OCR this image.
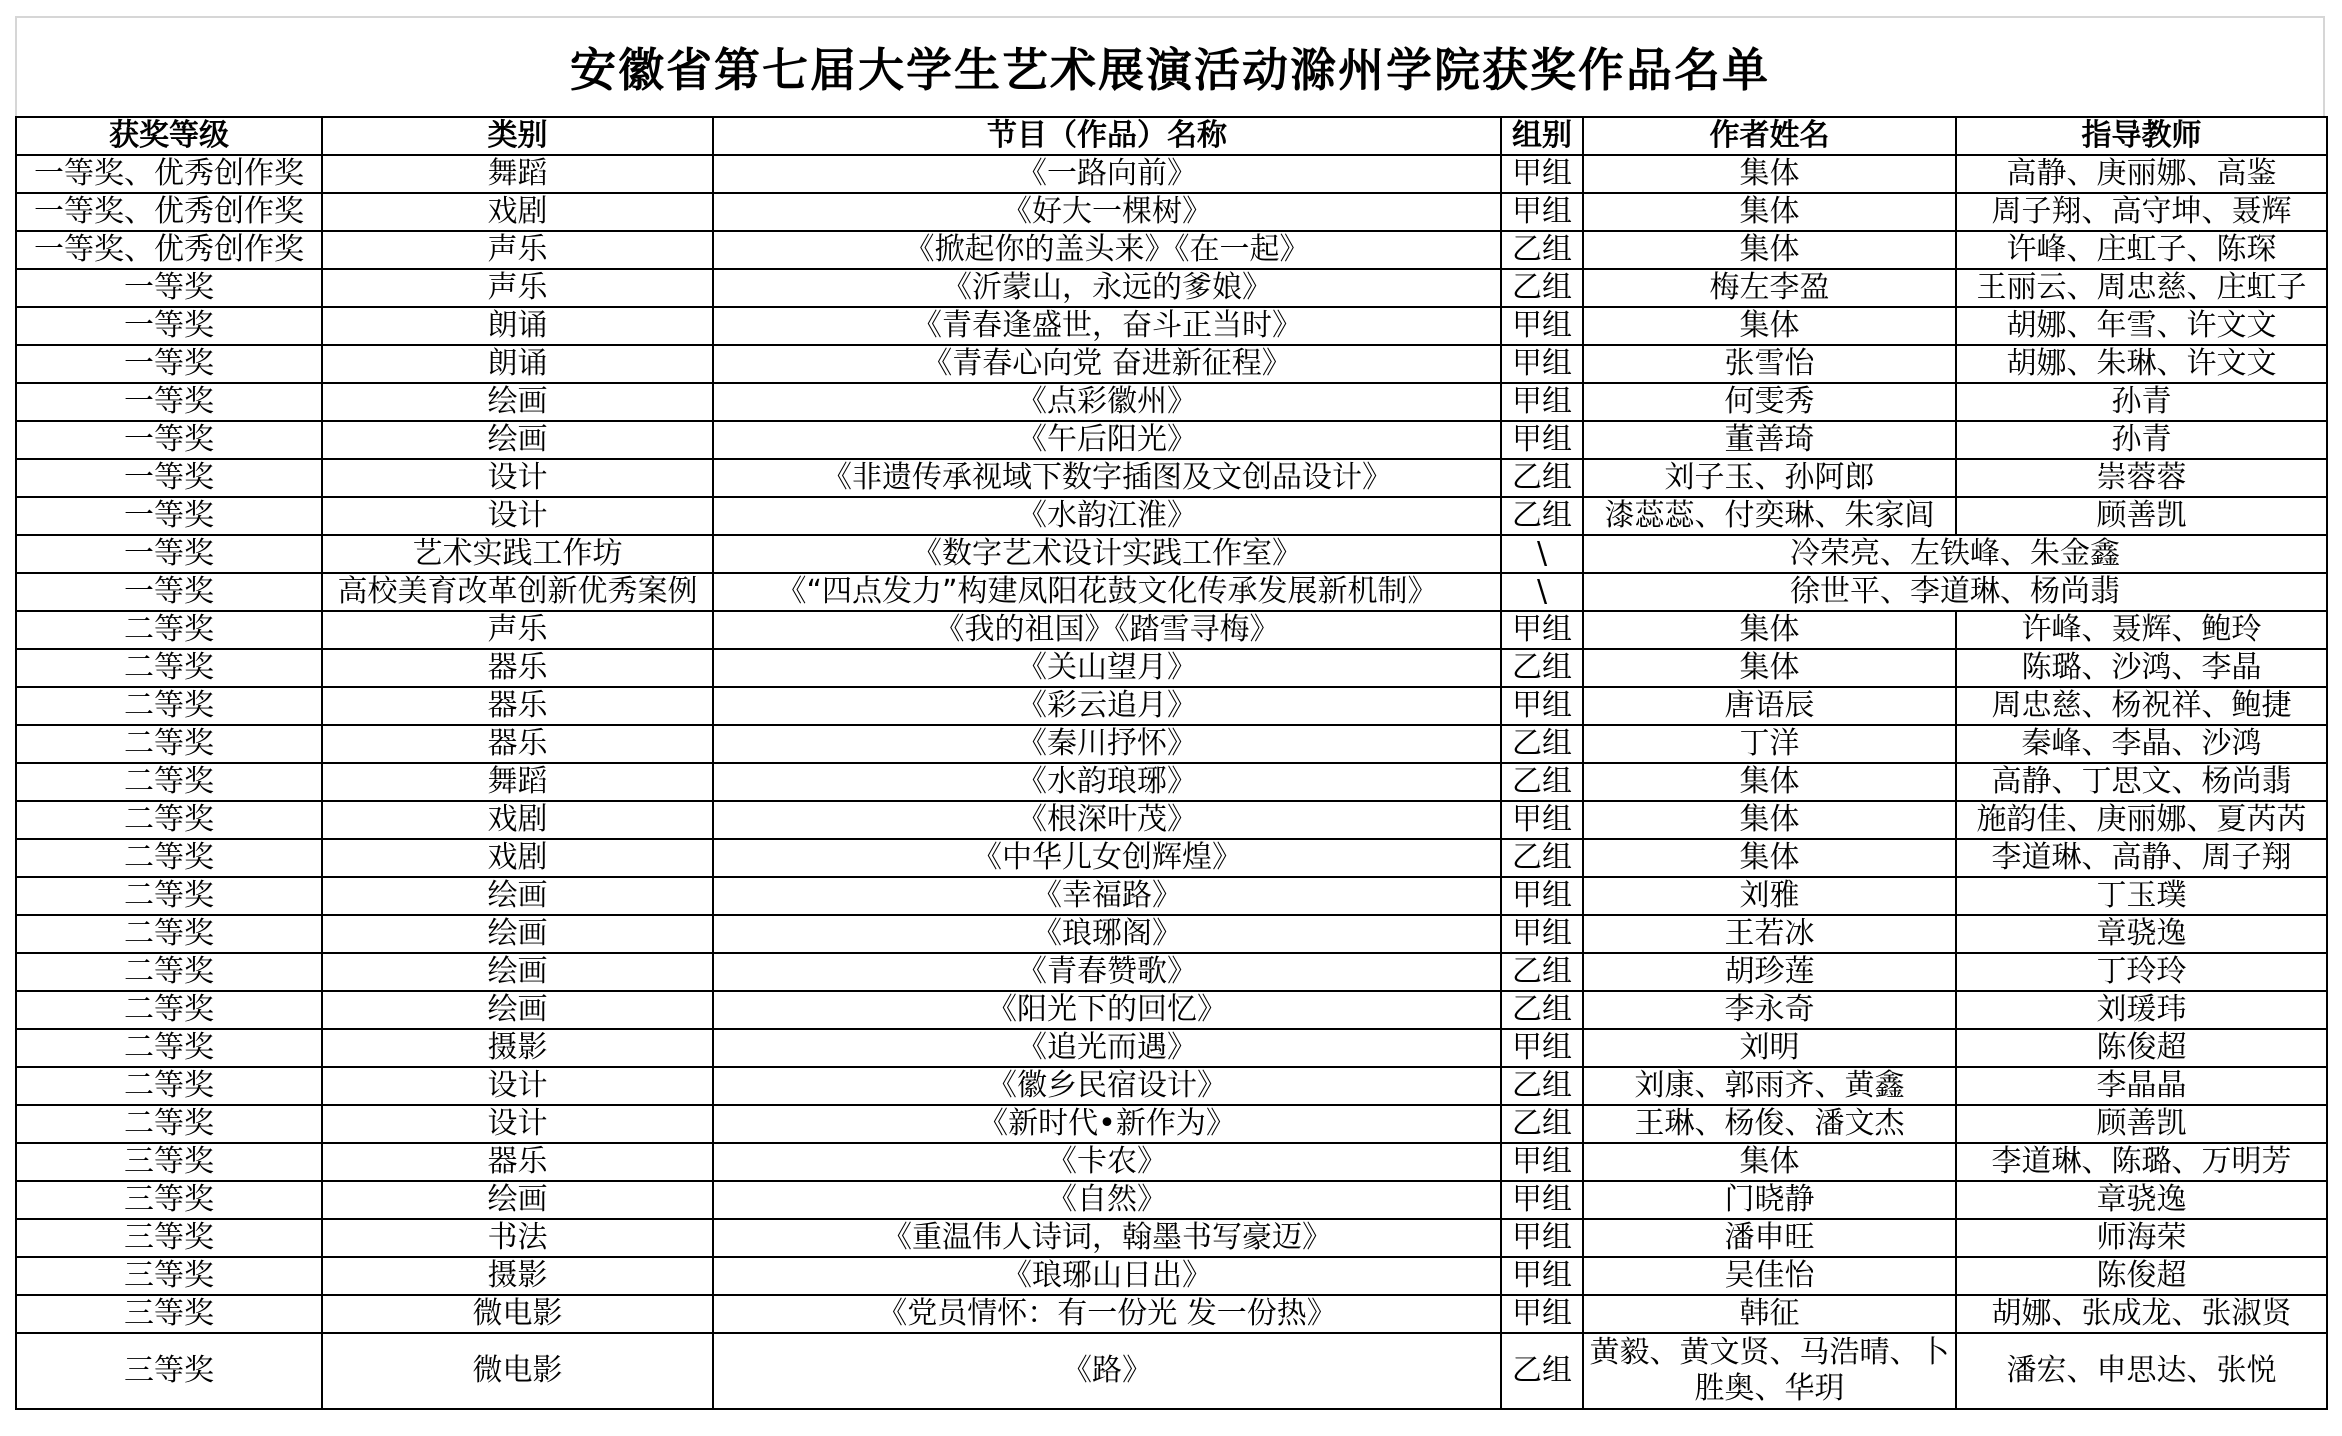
安徽省第七届大学生艺术展演活动滁州学院获奖作品名单
获奖等级	类别	节目（作品）名称	组别	作者姓名	指导教师
一等奖、优秀创作奖	舞蹈	《一路向前》	甲组	集体	高静、庚丽娜、高鉴
一等奖、优秀创作奖	戏剧	《好大一棵树》	甲组	集体	周子翔、高守坤、聂辉
一等奖、优秀创作奖	声乐	《掀起你的盖头来》《在一起》	乙组	集体	许峰、庄虹子、陈琛
一等奖	声乐	《沂蒙山，永远的爹娘》	乙组	梅左李盈	王丽云、周忠慈、庄虹子
一等奖	朗诵	《青春逢盛世，奋斗正当时》	甲组	集体	胡娜、年雪、许文文
一等奖	朗诵	《青春心向党 奋进新征程》	甲组	张雪怡	胡娜、朱琳、许文文
一等奖	绘画	《点彩徽州》	甲组	何雯秀	孙青
一等奖	绘画	《午后阳光》	甲组	董善琦	孙青
一等奖	设计	《非遗传承视域下数字插图及文创品设计》	乙组	刘子玉、孙阿郎	崇蓉蓉
一等奖	设计	《水韵江淮》	乙组	漆蕊蕊、付奕琳、朱家闾	顾善凯
一等奖	艺术实践工作坊	《数字艺术设计实践工作室》	\	冷荣亮、左铁峰、朱金鑫	
一等奖	高校美育改革创新优秀案例	《“四点发力”构建凤阳花鼓文化传承发展新机制》	\	徐世平、李道琳、杨尚翡	
二等奖	声乐	《我的祖国》《踏雪寻梅》	甲组	集体	许峰、聂辉、鲍玲
二等奖	器乐	《关山望月》	乙组	集体	陈璐、沙鸿、李晶
二等奖	器乐	《彩云追月》	甲组	唐语辰	周忠慈、杨祝祥、鲍捷
二等奖	器乐	《秦川抒怀》	乙组	丁洋	秦峰、李晶、沙鸿
二等奖	舞蹈	《水韵琅琊》	乙组	集体	高静、丁思文、杨尚翡
二等奖	戏剧	《根深叶茂》	甲组	集体	施韵佳、庚丽娜、夏芮芮
二等奖	戏剧	《中华儿女创辉煌》	乙组	集体	李道琳、高静、周子翔
二等奖	绘画	《幸福路》	甲组	刘雅	丁玉璞
二等奖	绘画	《琅琊阁》	甲组	王若冰	章骁逸
二等奖	绘画	《青春赞歌》	乙组	胡珍莲	丁玲玲
二等奖	绘画	《阳光下的回忆》	乙组	李永奇	刘瑗玮
二等奖	摄影	《追光而遇》	甲组	刘明	陈俊超
二等奖	设计	《徽乡民宿设计》	乙组	刘康、郭雨齐、黄鑫	李晶晶
二等奖	设计	《新时代•新作为》	乙组	王琳、杨俊、潘文杰	顾善凯
三等奖	器乐	《卡农》	甲组	集体	李道琳、陈璐、万明芳
三等奖	绘画	《自然》	甲组	门晓静	章骁逸
三等奖	书法	《重温伟人诗词，翰墨书写豪迈》	甲组	潘申旺	师海荣
三等奖	摄影	《琅琊山日出》	甲组	吴佳怡	陈俊超
三等奖	微电影	《党员情怀：有一份光 发一份热》	甲组	韩征	胡娜、张成龙、张淑贤
三等奖	微电影	《路》	乙组	黄毅、黄文贤、马浩晴、卜胜奥、华玥	潘宏、申思达、张悦
